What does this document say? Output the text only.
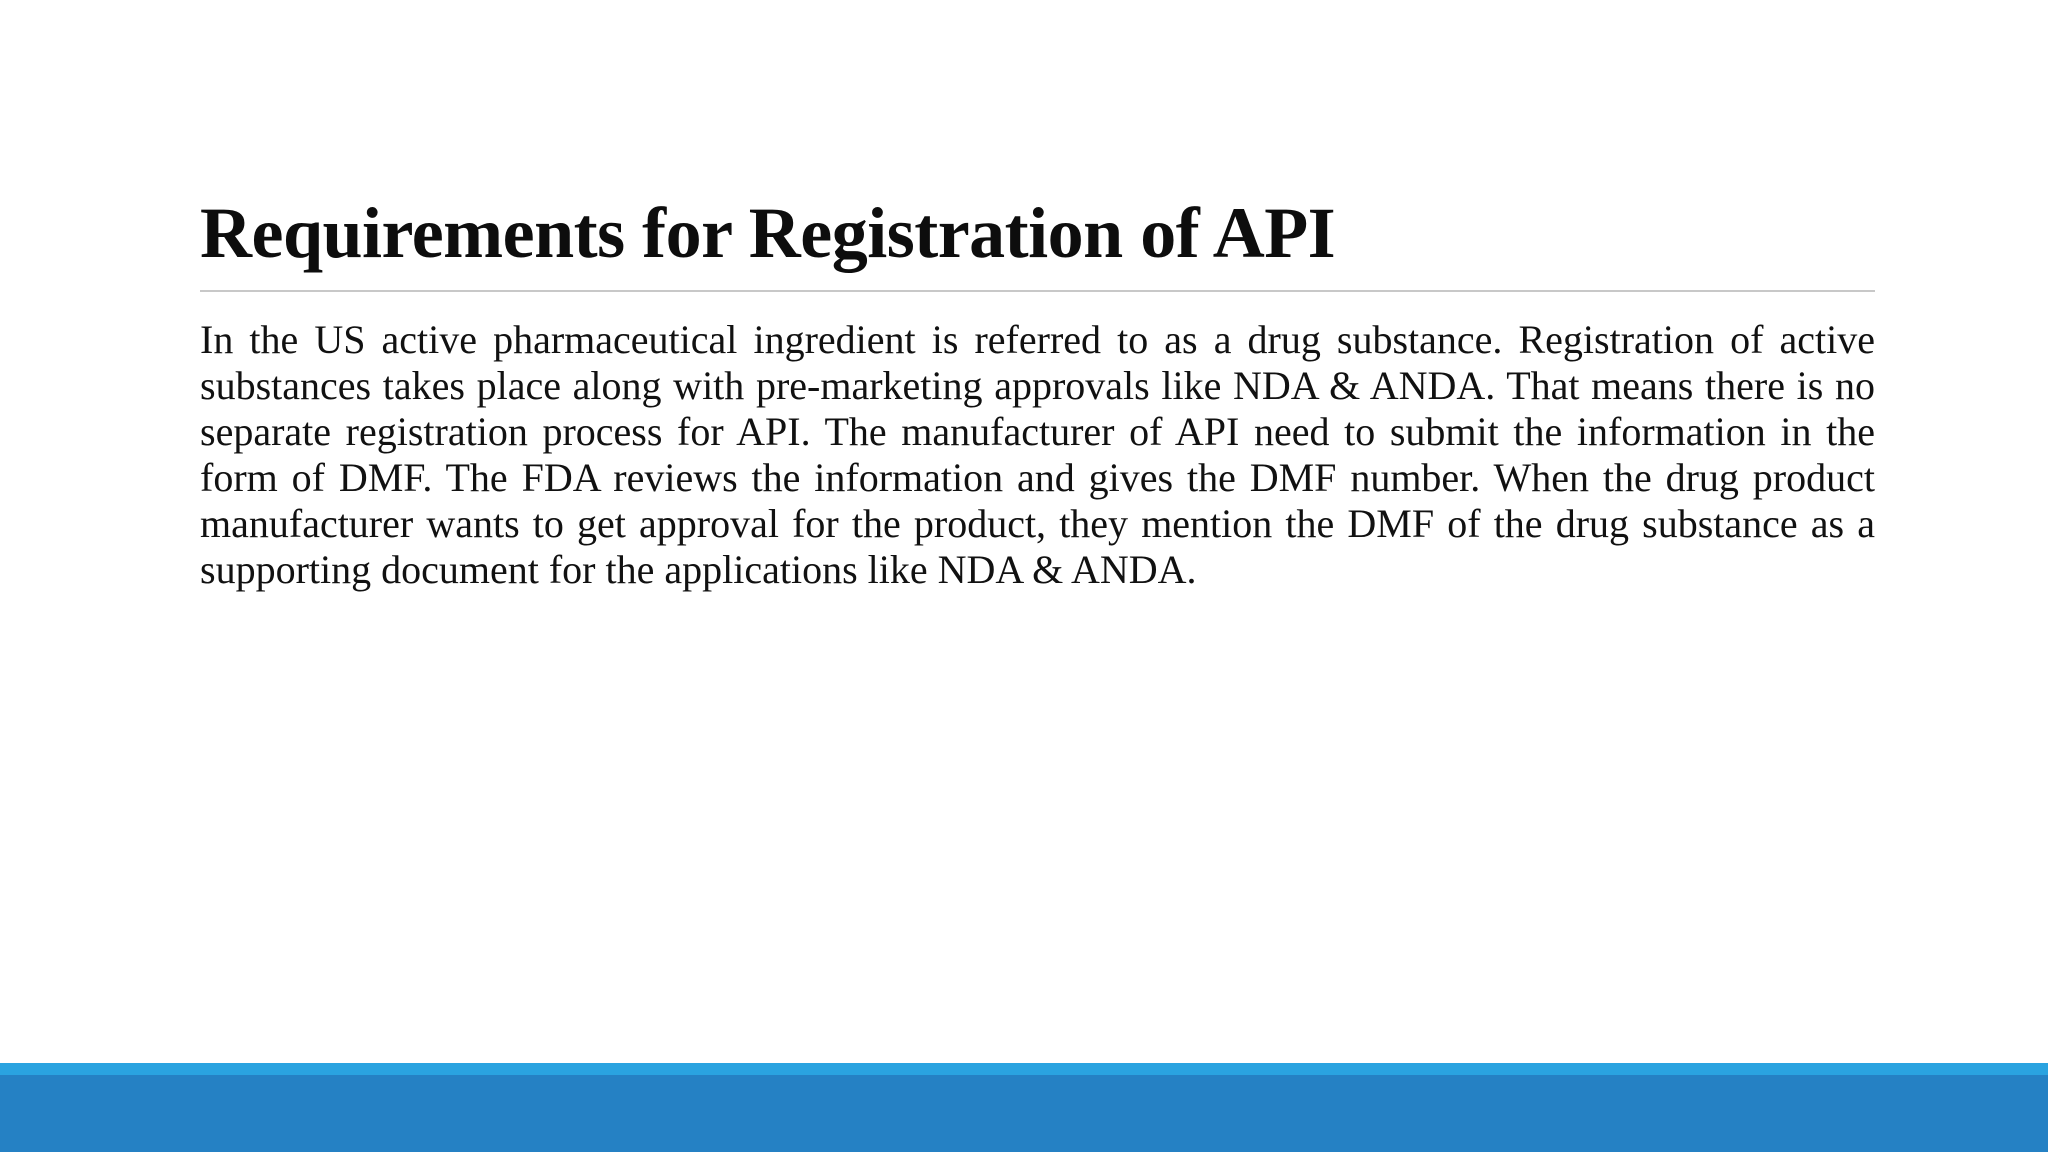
Requirements for Registration of API

In the US active pharmaceutical ingredient is referred to as a drug substance. Registration of active substances takes place along with pre-marketing approvals like NDA & ANDA. That means there is no separate registration process for API. The manufacturer of API need to submit the information in the form of DMF. The FDA reviews the information and gives the DMF number. When the drug product manufacturer wants to get approval for the product, they mention the DMF of the drug substance as a supporting document for the applications like NDA & ANDA.
